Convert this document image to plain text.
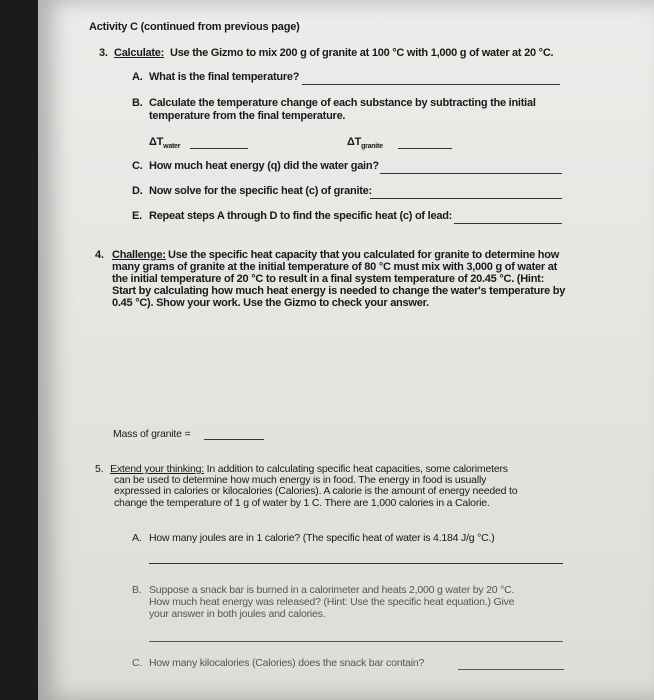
Activity C (continued from previous page)
3. Calculate: Use the Gizmo to mix 200 g of granite at 100 °C with 1,000 g of water at 20 °C.
A. What is the final temperature?
B. Calculate the temperature change of each substance by subtracting the initial
temperature from the final temperature.
$\Delta T_{water}$	$\Delta T_{granite}$
C. How much heat energy (q) did the water gain?
D. Now solve for the specific heat (c) of granite:
E. Repeat steps A through D to find the specific heat (c) of lead:
4. Challenge: Use the specific heat capacity that you calculated for granite to determine how
many grams of granite at the initial temperature of 80 °C must mix with 3,000 g of water at
the initial temperature of 20 °C to result in a final system temperature of 20.45 °C. (Hint:
Start by calculating how much heat energy is needed to change the water's temperature by
0.45 °C). Show your work. Use the Gizmo to check your answer.
Mass of granite =
5. Extend your thinking: In addition to calculating specific heat capacities, some calorimeters
can be used to determine how much energy is in food. The energy in food is usually
expressed in calories or kilocalories (Calories). A calorie is the amount of energy needed to
change the temperature of 1 g of water by 1 C. There are 1,000 calories in a Calorie.
A. How many joules are in 1 calorie? (The specific heat of water is 4.184 J/g °C.)
B. Suppose a snack bar is burned in a calorimeter and heats 2,000 g water by 20 °C.
How much heat energy was released? (Hint: Use the specific heat equation.) Give
your answer in both joules and calories.
C. How many kilocalories (Calories) does the snack bar contain?
